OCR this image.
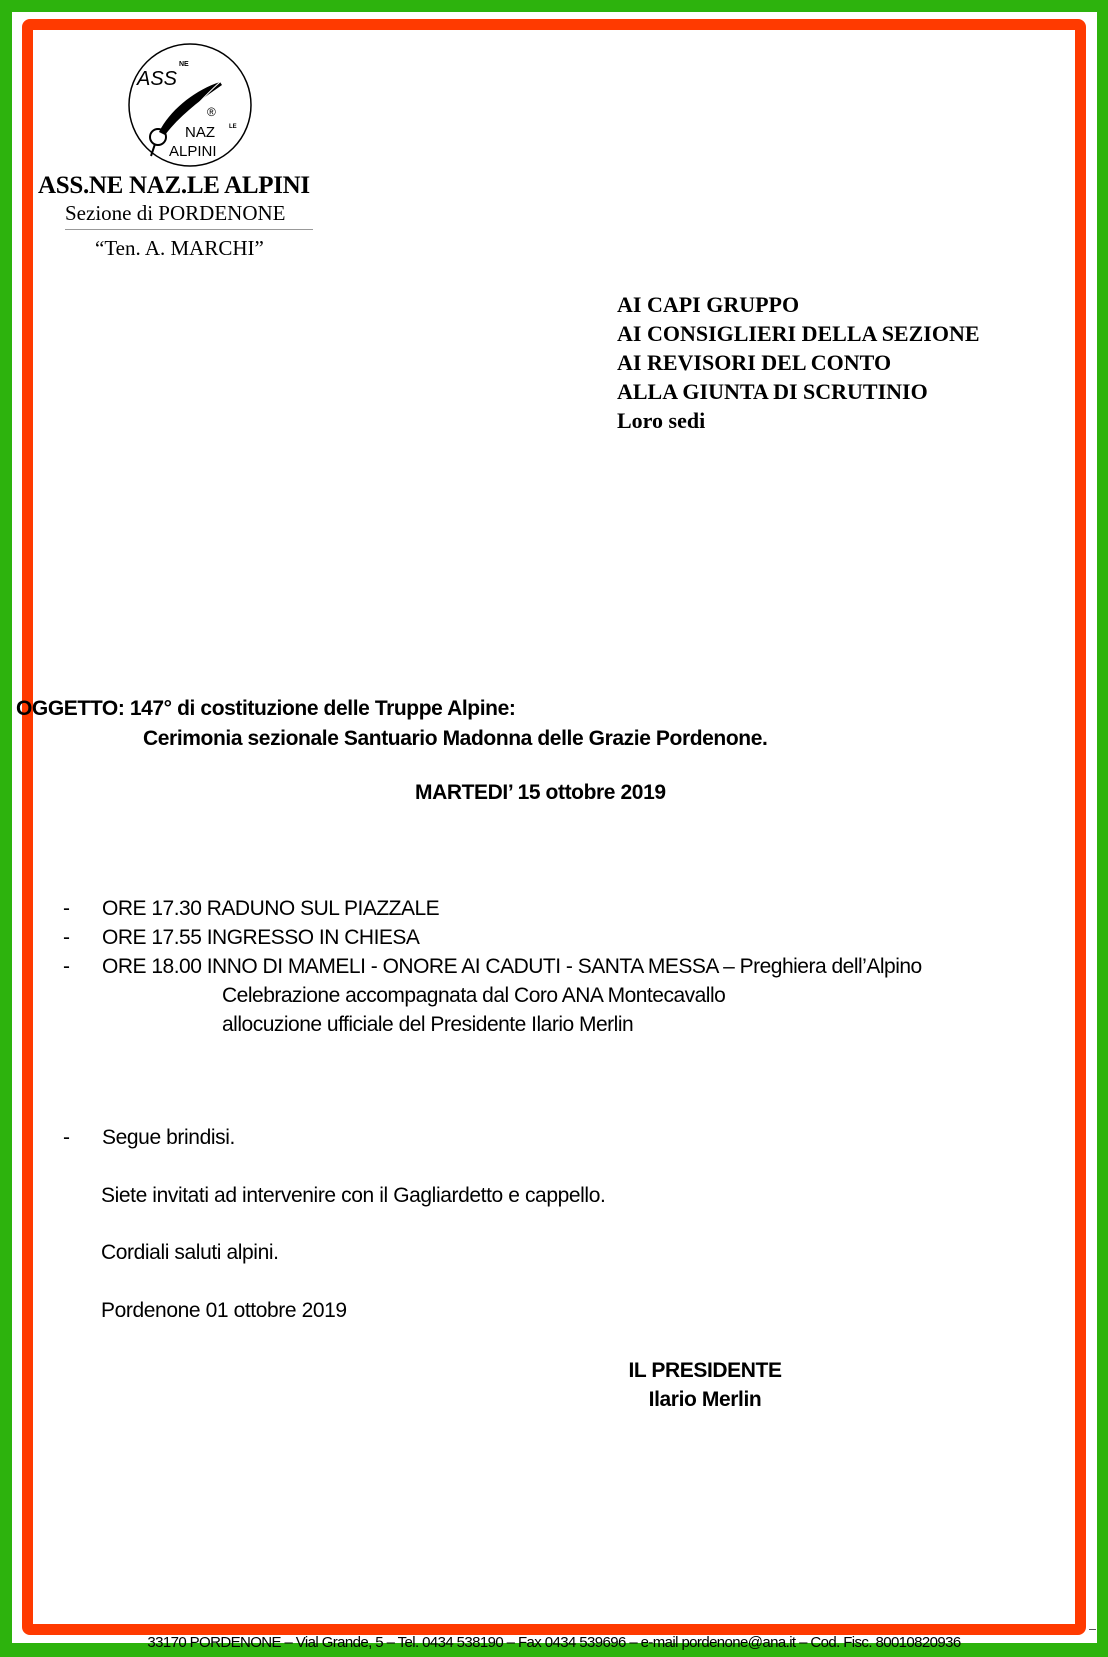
ASS
NE
®
NAZ LE
ALPINI
ASS.NE NAZ.LE ALPINI
Sezione di PORDENONE
“Ten. A. MARCHI”
AI CAPI GRUPPO
AI CONSIGLIERI DELLA SEZIONE
AI REVISORI DEL CONTO
ALLA GIUNTA DI SCRUTINIO
Loro sedi
OGGETTO: 147° di costituzione delle Truppe Alpine:
Cerimonia sezionale Santuario Madonna delle Grazie Pordenone.
MARTEDI’ 15 ottobre 2019
-	ORE 17.30 RADUNO SUL PIAZZALE
-	ORE 17.55 INGRESSO IN CHIESA
-	ORE 18.00 INNO DI MAMELI - ONORE AI CADUTI - SANTA MESSA – Preghiera dell’Alpino
Celebrazione accompagnata dal Coro ANA Montecavallo
allocuzione ufficiale del Presidente Ilario Merlin
- Segue brindisi.
Siete invitati ad intervenire con il Gagliardetto e cappello.
Cordiali saluti alpini.
Pordenone 01 ottobre 2019
IL PRESIDENTE
Ilario Merlin
33170 PORDENONE – Vial Grande, 5 – Tel. 0434 538190 – Fax 0434 539696 – e-mail pordenone@ana.it – Cod. Fisc. 80010820936
